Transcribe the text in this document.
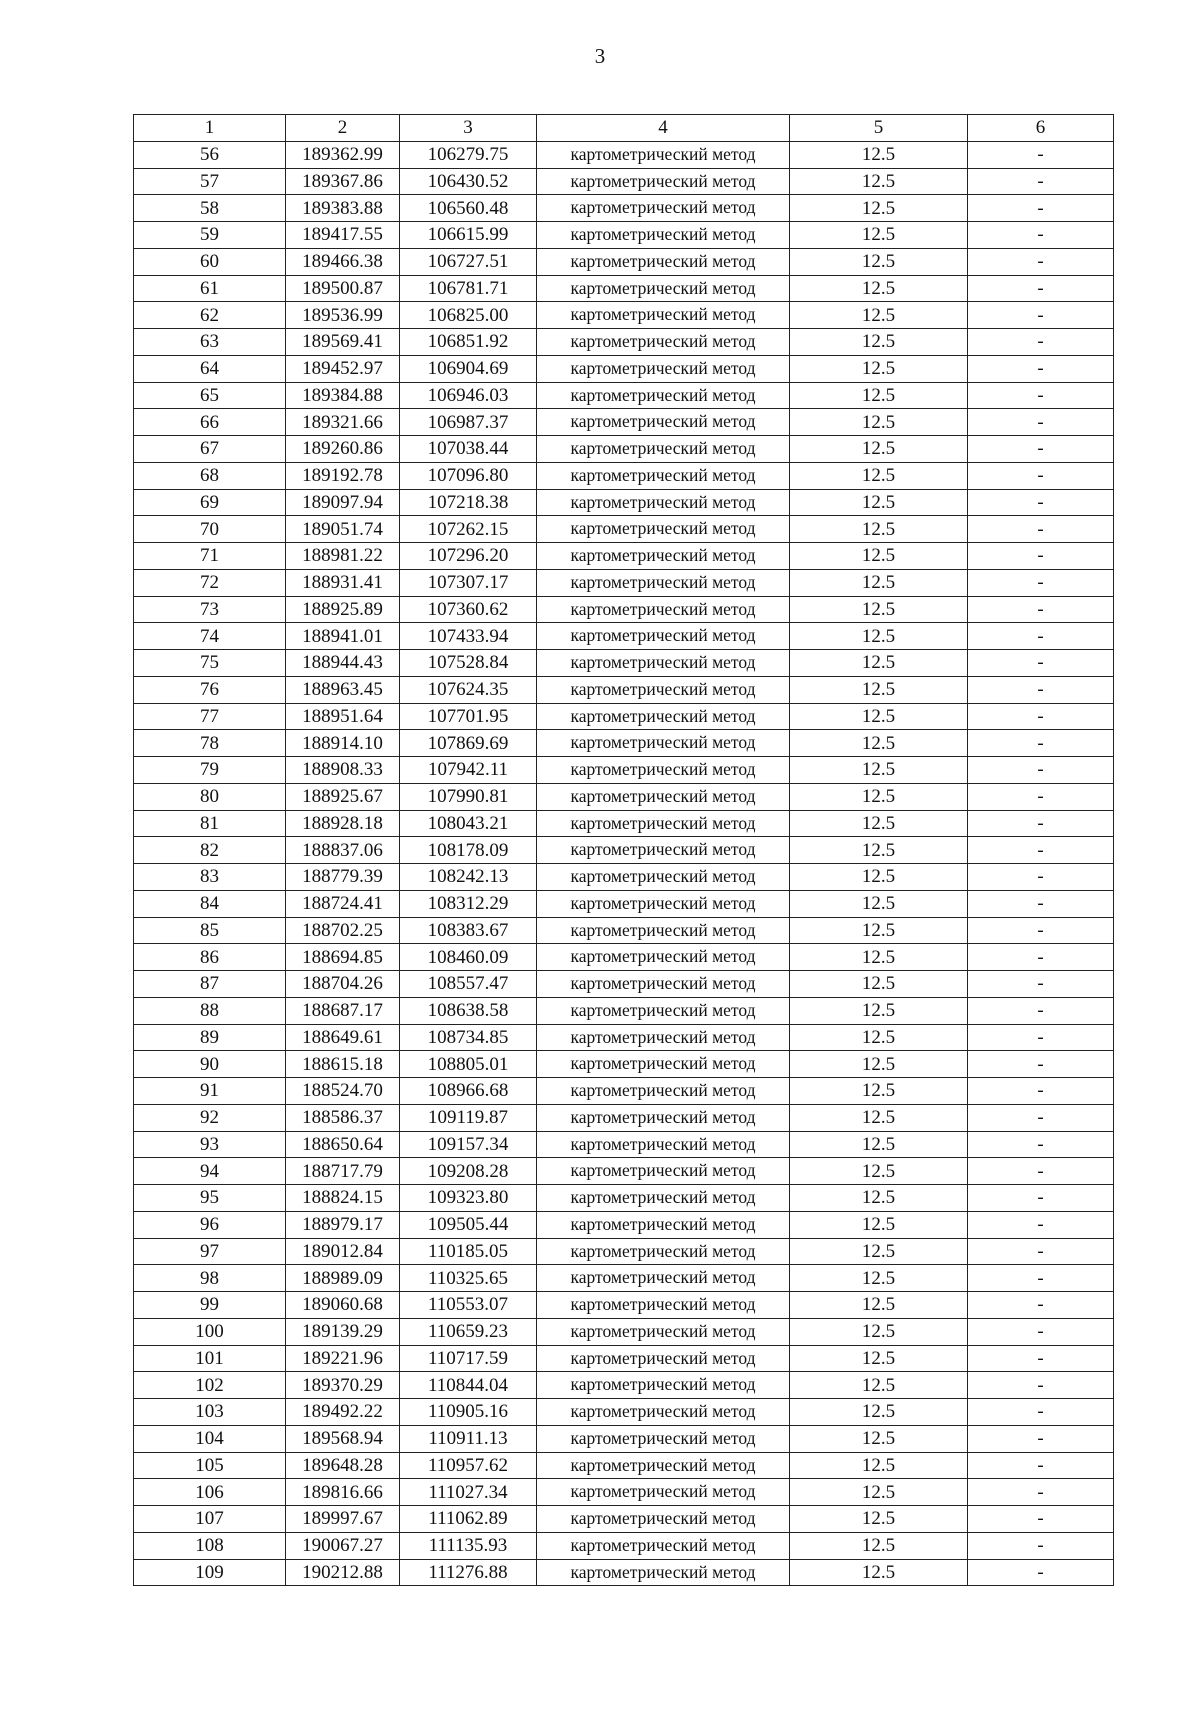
3
1	2	3	4	5	6
56	189362.99	106279.75	картометрический метод	12.5	-
57	189367.86	106430.52	картометрический метод	12.5	-
58	189383.88	106560.48	картометрический метод	12.5	-
59	189417.55	106615.99	картометрический метод	12.5	-
60	189466.38	106727.51	картометрический метод	12.5	-
61	189500.87	106781.71	картометрический метод	12.5	-
62	189536.99	106825.00	картометрический метод	12.5	-
63	189569.41	106851.92	картометрический метод	12.5	-
64	189452.97	106904.69	картометрический метод	12.5	-
65	189384.88	106946.03	картометрический метод	12.5	-
66	189321.66	106987.37	картометрический метод	12.5	-
67	189260.86	107038.44	картометрический метод	12.5	-
68	189192.78	107096.80	картометрический метод	12.5	-
69	189097.94	107218.38	картометрический метод	12.5	-
70	189051.74	107262.15	картометрический метод	12.5	-
71	188981.22	107296.20	картометрический метод	12.5	-
72	188931.41	107307.17	картометрический метод	12.5	-
73	188925.89	107360.62	картометрический метод	12.5	-
74	188941.01	107433.94	картометрический метод	12.5	-
75	188944.43	107528.84	картометрический метод	12.5	-
76	188963.45	107624.35	картометрический метод	12.5	-
77	188951.64	107701.95	картометрический метод	12.5	-
78	188914.10	107869.69	картометрический метод	12.5	-
79	188908.33	107942.11	картометрический метод	12.5	-
80	188925.67	107990.81	картометрический метод	12.5	-
81	188928.18	108043.21	картометрический метод	12.5	-
82	188837.06	108178.09	картометрический метод	12.5	-
83	188779.39	108242.13	картометрический метод	12.5	-
84	188724.41	108312.29	картометрический метод	12.5	-
85	188702.25	108383.67	картометрический метод	12.5	-
86	188694.85	108460.09	картометрический метод	12.5	-
87	188704.26	108557.47	картометрический метод	12.5	-
88	188687.17	108638.58	картометрический метод	12.5	-
89	188649.61	108734.85	картометрический метод	12.5	-
90	188615.18	108805.01	картометрический метод	12.5	-
91	188524.70	108966.68	картометрический метод	12.5	-
92	188586.37	109119.87	картометрический метод	12.5	-
93	188650.64	109157.34	картометрический метод	12.5	-
94	188717.79	109208.28	картометрический метод	12.5	-
95	188824.15	109323.80	картометрический метод	12.5	-
96	188979.17	109505.44	картометрический метод	12.5	-
97	189012.84	110185.05	картометрический метод	12.5	-
98	188989.09	110325.65	картометрический метод	12.5	-
99	189060.68	110553.07	картометрический метод	12.5	-
100	189139.29	110659.23	картометрический метод	12.5	-
101	189221.96	110717.59	картометрический метод	12.5	-
102	189370.29	110844.04	картометрический метод	12.5	-
103	189492.22	110905.16	картометрический метод	12.5	-
104	189568.94	110911.13	картометрический метод	12.5	-
105	189648.28	110957.62	картометрический метод	12.5	-
106	189816.66	111027.34	картометрический метод	12.5	-
107	189997.67	111062.89	картометрический метод	12.5	-
108	190067.27	111135.93	картометрический метод	12.5	-
109	190212.88	111276.88	картометрический метод	12.5	-
